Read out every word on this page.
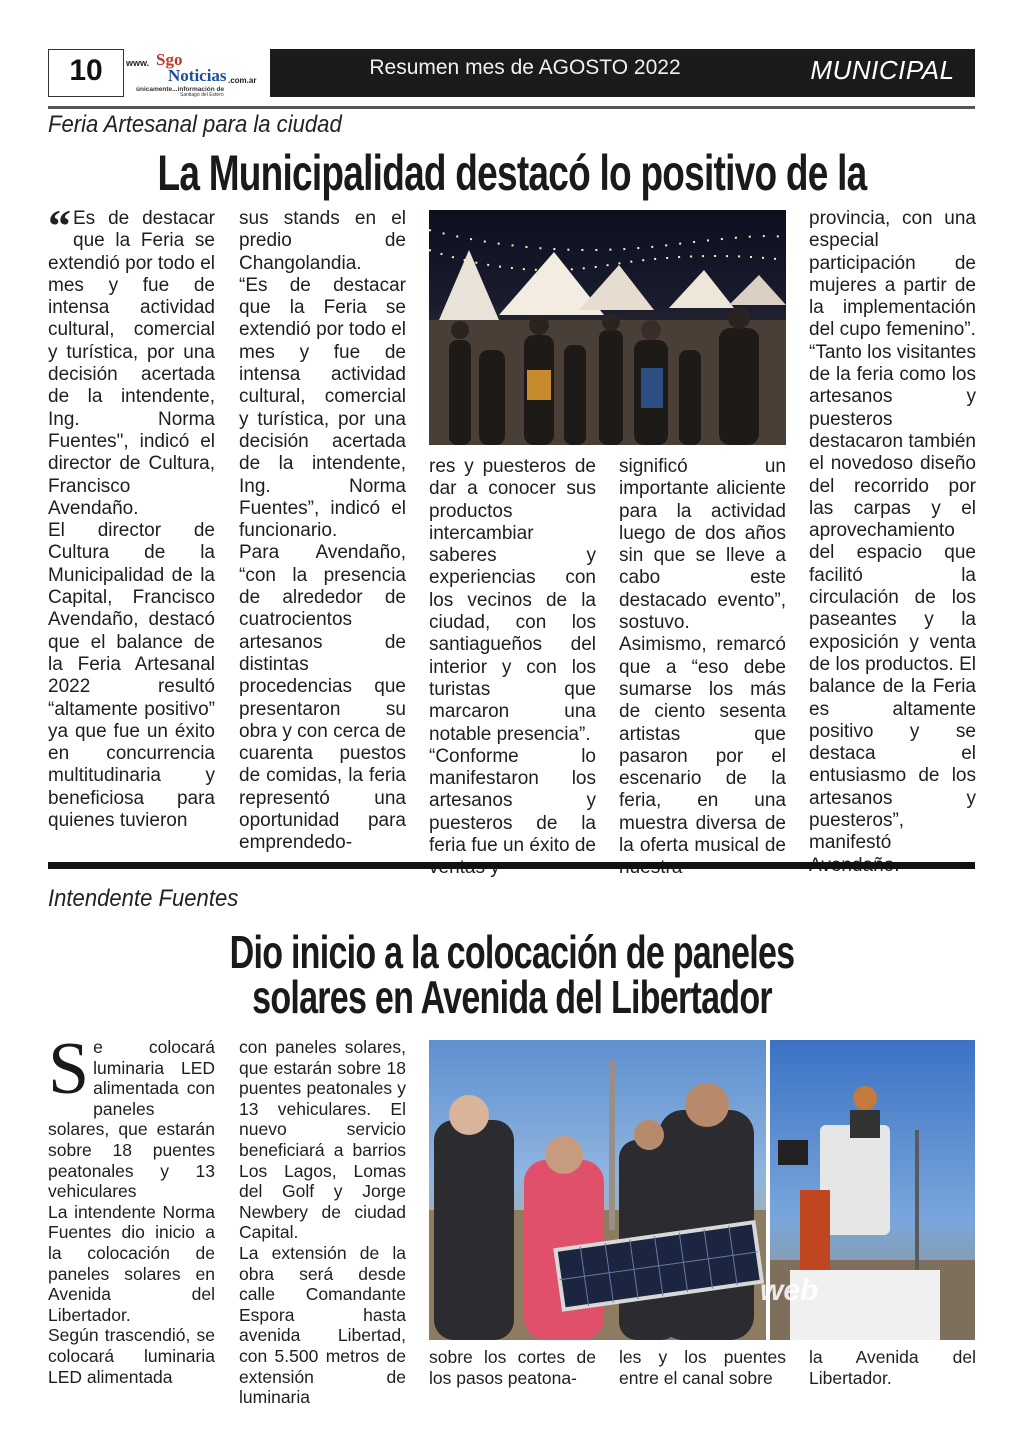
10	www. Sgo
Noticias .com.ar
únicamente...información de
Santiago del Estero
Resumen mes de AGOSTO 2022	MUNICIPAL
Feria Artesanal para la ciudad
La Municipalidad destacó lo positivo de la
“ Es de destacar que la Feria se extendió por todo el mes y fue de intensa actividad cultural, comercial y turística, por una decisión acertada de la intendente, Ing. Norma Fuentes", indicó el director de Cultura, Francisco Avendaño.

El director de Cultura de la Municipalidad de la Capital, Francisco Avendaño, destacó que el balance de la Feria Artesanal 2022 resultó “altamente positivo” ya que fue un éxito en concurrencia multitudinaria y beneficiosa para quienes tuvieron

sus stands en el predio de Changolandia.

“Es de destacar que la Feria se extendió por todo el mes y fue de intensa actividad cultural, comercial y turística, por una decisión acertada de la intendente, Ing. Norma Fuentes”, indicó el funcionario.

Para Avendaño, “con la presencia de alrededor de cuatrocientos artesanos de distintas procedencias que presentaron su obra y con cerca de cuarenta puestos de comidas, la feria representó una oportunidad para emprendedo-

res y puesteros de dar a conocer sus productos intercambiar saberes y experiencias con los vecinos de la ciudad, con los santiagueños del interior y con los turistas que marcaron una notable presencia”.

“Conforme lo manifestaron los artesanos y puesteros de la feria fue un éxito de

significó un importante aliciente para la actividad luego de dos años sin que se lleve a cabo este destacado evento”, sostuvo.

Asimismo, remarcó que a “eso debe sumarse los más de ciento sesenta artistas que pasaron por el escenario de la feria, en una muestra diversa de la oferta musical de

provincia, con una especial participación de mujeres a partir de la implementación del cupo femenino”.

“Tanto los visitantes de la feria como los artesanos y puesteros destacaron también el novedoso diseño del recorrido por las carpas y el aprovechamiento del espacio que facilitó la circulación de los paseantes y la exposición y venta de los productos. El balance de la Feria es altamente positivo y se destaca el entusiasmo de los artesanos y puesteros”, manifestó

Intendente Fuentes
Dio inicio a la colocación de paneles
solares en Avenida del Libertador
S e colocará luminaria LED alimentada con paneles solares, que estarán sobre 18 puentes peatonales y 13 vehiculares

La intendente Norma Fuentes dio inicio a la colocación de paneles solares en Avenida del Libertador.

Según trascendió, se colocará luminaria LED alimentada

con paneles solares, que estarán sobre 18 puentes peatonales y 13 vehiculares. El nuevo servicio beneficiará a barrios Los Lagos, Lomas del Golf y Jorge Newbery de ciudad Capital.

La extensión de la obra será desde calle Comandante Espora hasta avenida Libertad, con 5.500 metros de extensión de luminaria

web
sobre los cortes de los pasos peatona-
les y los puentes entre el canal sobre
la Avenida del Libertador.
